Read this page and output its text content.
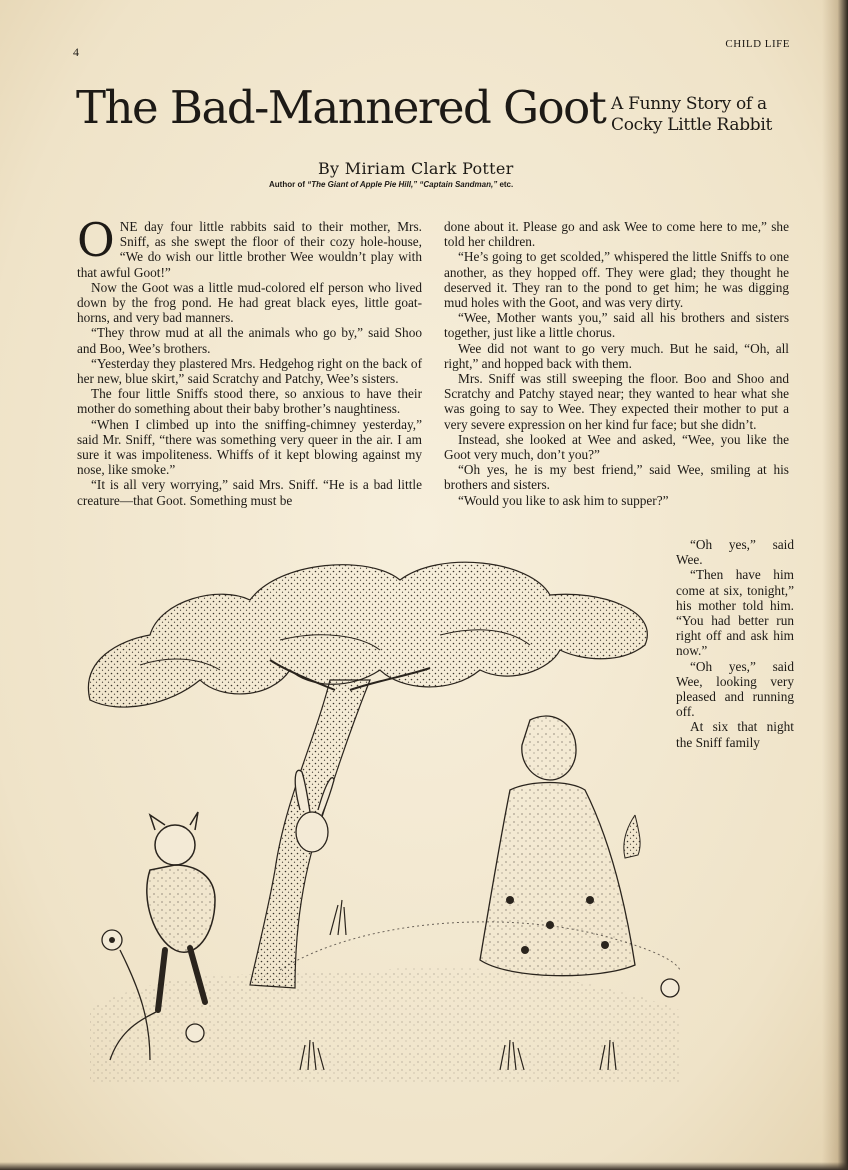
4
CHILD LIFE
The Bad-Mannered Goot A Funny Story of a
Cocky Little Rabbit
By Miriam Clark Potter
Author of “The Giant of Apple Pie Hill,” “Captain Sandman,” etc.

ONE day four little rabbits said to their mother, Mrs. Sniff, as she swept the floor of their cozy hole-house, “We do wish our little brother Wee wouldn’t play with that awful Goot!”

Now the Goot was a little mud-colored elf person who lived down by the frog pond. He had great black eyes, little goat-horns, and very bad manners.

“They throw mud at all the animals who go by,” said Shoo and Boo, Wee’s brothers.

“Yesterday they plastered Mrs. Hedgehog right on the back of her new, blue skirt,” said Scratchy and Patchy, Wee’s sisters.

The four little Sniffs stood there, so anxious to have their mother do something about their baby brother’s naughtiness.

“When I climbed up into the sniffing-chimney yesterday,” said Mr. Sniff, “there was something very queer in the air. I am sure it was impoliteness. Whiffs of it kept blowing against my nose, like smoke.”

“It is all very worrying,” said Mrs. Sniff. “He is a bad little creature—that Goot. Something must be

done about it. Please go and ask Wee to come here to me,” she told her children.

“He’s going to get scolded,” whispered the little Sniffs to one another, as they hopped off. They were glad; they thought he deserved it. They ran to the pond to get him; he was digging mud holes with the Goot, and was very dirty.

“Wee, Mother wants you,” said all his brothers and sisters together, just like a little chorus.

Wee did not want to go very much. But he said, “Oh, all right,” and hopped back with them.

Mrs. Sniff was still sweeping the floor. Boo and Shoo and Scratchy and Patchy stayed near; they wanted to hear what she was going to say to Wee. They expected their mother to put a very severe expression on her kind fur face; but she didn’t.

Instead, she looked at Wee and asked, “Wee, you like the Goot very much, don’t you?”

“Oh yes, he is my best friend,” said Wee, smiling at his brothers and sisters.

“Would you like to ask him to supper?”

“Oh yes,” said Wee.

“Then have him come at six, tonight,” his mother told him. “You had better run right off and ask him now.”

“Oh yes,” said Wee, looking very pleased and running off.

At six that night the Sniff family
